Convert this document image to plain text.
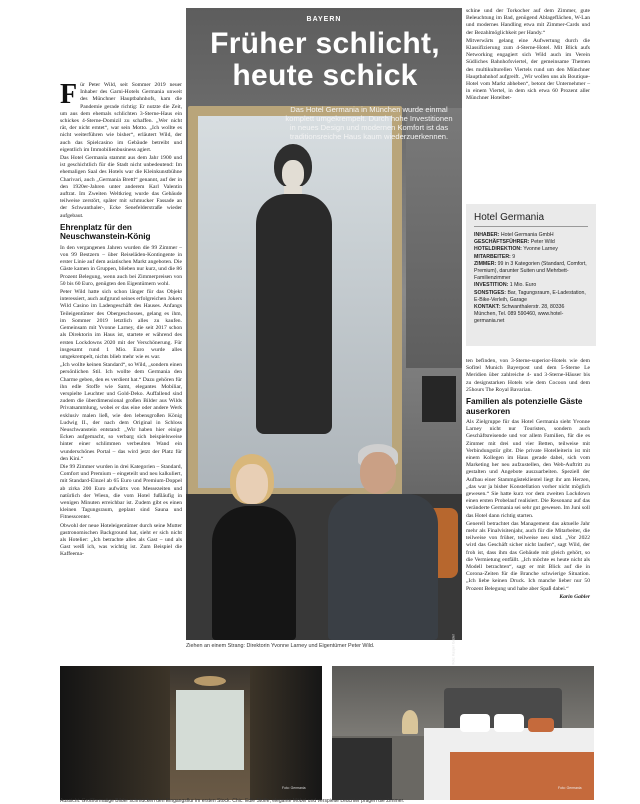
Für Peter Wild, seit Sommer 2019 neuer Inhaber des Garni-Hotels Germania unweit des Münchner Hauptbahnhofs, kam die Pandemie gerade richtig: Er nutzte die Zeit, um aus dem ehemals schlichten 3-Sterne-Haus ein schickes 4-Sterne-Domizil zu schaffen. „Wer nicht rät, der nicht erntet“, war sein Motto. „Ich wollte es nicht weiterführen wie bisher“, erläutert Wild, der auch das Spielcasino im Gebäude betreibt und eigentlich im Immobilienbusiness agiert.

Das Hotel Germania stammt aus dem Jahr 1900 und ist geschichtlich für die Stadt nicht unbedeutend: Im ehemaligen Saal des Hotels war die Kleinkunstbühne Charivari, auch „Germania Brettl“ genannt, auf der in den 1920er-Jahren unter anderem Karl Valentin auftrat. Im Zweiten Weltkrieg wurde das Gebäude teilweise zerstört, später mit schmucker Fassade an der Schwanthaler-, Ecke Senefelderstraße wieder aufgebaut.

Ehrenplatz für den Neuschwanstein-König

In den vergangenen Jahren wurden die 99 Zimmer – von 99 Bestzern – über Reiseläden-Kontingente in erster Linie auf dem asiatischen Markt angeboten. Die Gäste kamen in Gruppen, blieben nur kurz, und die 86 Prozent Belegung, wenn auch bei Zimmerpreisen von 50 bis 60 Euro, genügten den Eigentümern wohl.

Peter Wild hatte sich schon länger für das Objekt interessiert, auch aufgrund seines erfolgreichen Jokers Wild Casino im Ladengeschäft des Hauses. Anfangs Teileigentümer des Obergeschosses, gelang es ihm, im Sommer 2019 letztlich alles zu kaufen. Gemeinsam mit Yvonne Larney, die seit 2017 schon als Direktorin im Haus ist, startete er während des ersten Lockdowns 2020 mit der Verschönerung. Für insgesamt rund 1 Mio. Euro wurde alles umgekrempelt, nichts blieb mehr wie es war.

„Ich wollte keinen Standard“, so Wild, „sondern einen persönlichen Stil. Ich wollte dem Germania den Charme geben, den es verdient hat.“ Dazu gehören für ihn edle Stoffe wie Samt, elegantes Mobiliar, verspielte Leuchter und Gold-Deko. Auffallend sind zudem die überdimensional großen Bilder aus Wilds Privatsammlung, wobei er das eine oder andere Werk exklusiv malen ließ, wie den lebensgroßen König Ludwig II., der nach dem Original in Schloss Neuschwanstein entstand: „Wir haben hier einige Ecken aufgemacht, so verbarg sich beispielsweise hinter einer schlimmen verbeulten Wand ein wunderschönes Portal – das wird jetzt der Platz für den Kini.“

Die 99 Zimmer wurden in drei Kategorien – Standard, Comfort und Premium – eingeteilt und neu kalkuliert, mit Standard-Einzel ab 65 Euro und Premium-Doppel ab zirka 200 Euro aufwärts von Messezeiten und natürlich der Wiesn, die vom Hotel fußläufig in wenigen Minuten erreichbar ist. Zudem gibt es einen kleinen Tagungsraum, geplant sind Sauna und Fitnesscenter.

Obwohl der neue Hoteleigentümer durch seine Mutter gastronomischen Background hat, sieht er sich nicht als Hotelier: „Ich betrachte alles als Gast – und als Gast weiß ich, was wichtig ist. Zum Beispiel die Kaffeema-

BAYERN
Früher schlicht, heute schick
Das Hotel Germania in München wurde einmal komplett umgekrempelt. Durch hohe Investitionen in neues Design und modernen Komfort ist das traditionsreiche Haus kaum wiederzuerkennen.
Foto: Kasper Gabler
Ziehen an einem Strang: Direktorin Yvonne Larney und Eigentümer Peter Wild.

schine und der Torkocher auf dem Zimmer, gute Beleuchtung im Bad, genügend Ablageflächen, W-Lan und modernes Handling etwa mit Zimmer-Cards und der Bezahlmöglichkeit per Handy.“

Mitverwärts gelang eine Aufwertung durch die Klassifizierung zum 4-Sterne-Hotel. Mit Blick aufs Networking engagiert sich Wild auch im Verein Südliches Bahnhofsviertel, der gemeinsame Themen des multikulturellen Viertels rund um den Münchner Hauptbahnhof aufgreift. „Wir wollen uns als Boutique-Hotel vom Markt abheben“, betont der Unternehmer – in einem Viertel, in dem sich etwa 60 Prozent aller Münchner Hotelbet-

Hotel Germania
INHABER: Hotel Germania GmbH
GESCHÄFTSFÜHRER: Peter Wild
HOTELDIREKTION: Yvonne Larney
MITARBEITER: 9
ZIMMER: 99 in 3 Kategorien (Standard, Comfort, Premium), darunter Suiten und Mehrbett-Familienzimmer
INVESTITION: 1 Mio. Euro
SONSTIGES: Bar, Tagungsraum, E-Ladestation, E-Bike-Verleih, Garage
KONTAKT: Schwanthalerstr. 28, 80336 München, Tel. 089 590460, www.hotel-germania.net

ten befinden, von 3-Sterne-superior-Hotels wie dem Sofitel Munich Bayerpost und dem 5-Sterne Le Meridien über zahlreiche 4- und 3-Sterne-Häuser bis zu designstarken Hotels wie dem Cocoon und dem 25hours The Royal Bavarian.

Familien als potenzielle Gäste auserkoren

Als Zielgruppe für das Hotel Germania sieht Yvonne Larney nicht nur Touristen, sondern auch Geschäftsreisende und vor allem Familien, für die es Zimmer mit drei und vier Betten, teilweise mit Verbindungstür gibt. Die private Hotelleiterin ist mit einem Kollegen im Haus gerade dabei, sich vom Marketing her neu aufzustellen, den Web-Auftritt zu gestalten und Angebote auszuarbeiten. Speziell der Aufbau einer Stammgästeklientel liegt ihr am Herzen, „das war ja bisher Konstellation vorher nicht möglich gewesen.“ Sie hatte kurz vor dem zweiten Lockdown einen ersten Probelauf realisiert. Die Resonanz auf das veränderte Germania sei sehr gut gewesen. Im Juni soll das Hotel dann richtig starten.

Generell betrachtet das Management das aktuelle Jahr mehr als Finalvisitenjahr, auch für die Mitarbeiter, die teilweise von früher, teilweise neu sind. „Vor 2022 wird das Geschäft sicher nicht laufen“, sagt Wild, der froh ist, dass ihm das Gebäude mit gleich gehört, so die Vermietung entfällt. „Ich möchte es heute nicht als Modell betrachten“, sagt er mit Blick auf die in Corona-Zeiten für die Branche schwierige Situation. „Ich liebe keinen Druck. Ich manche lieber nur 50 Prozent Belegung und habe aber Spaß dabei.“

Karin Gabler

Foto: Germania	Foto: Germania
Aussicht: Großformatige Bilder schmücken den Eingangsflur im ersten Stock. Chic: Edle Stoffe, elegante Möbel und verspielte Leuchter prägen die Zimmer.
